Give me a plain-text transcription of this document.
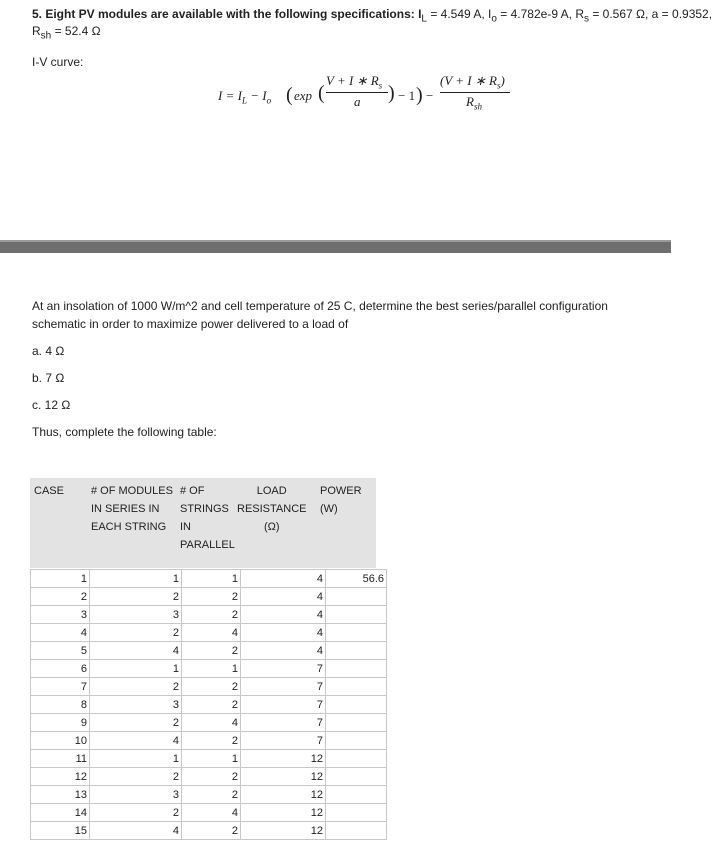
5. Eight PV modules are available with the following specifications: $I_L = 4.549$ A, $I_o = 4.782e-9$ A, $R_s = 0.567$ Ω, a = 0.9352,
$R_{sh} = 52.4$ Ω
I-V curve:
$I = I_L - I_o$ ( exp (
V + I ∗ $R_s$
a ) − 1 ) −
(V + I ∗ $R_s$)
$R_{sh}$
At an insolation of 1000 W/m^2 and cell temperature of 25 C, determine the best series/parallel configuration schematic in order to maximize power delivered to a load of
a. 4 Ω
b. 7 Ω
c. 12 Ω
Thus, complete the following table:
CASE # OF MODULES
IN SERIES IN
EACH STRING
# OF
STRINGS
IN
PARALLEL
LOAD
RESISTANCE
(Ω)
POWER
(W)
1	1	1	4	56.6
2	2	2	4	
3	3	2	4	
4	2	4	4	
5	4	2	4	
6	1	1	7	
7	2	2	7	
8	3	2	7	
9	2	4	7	
10	4	2	7	
11	1	1	12	
12	2	2	12	
13	3	2	12	
14	2	4	12	
15	4	2	12	
